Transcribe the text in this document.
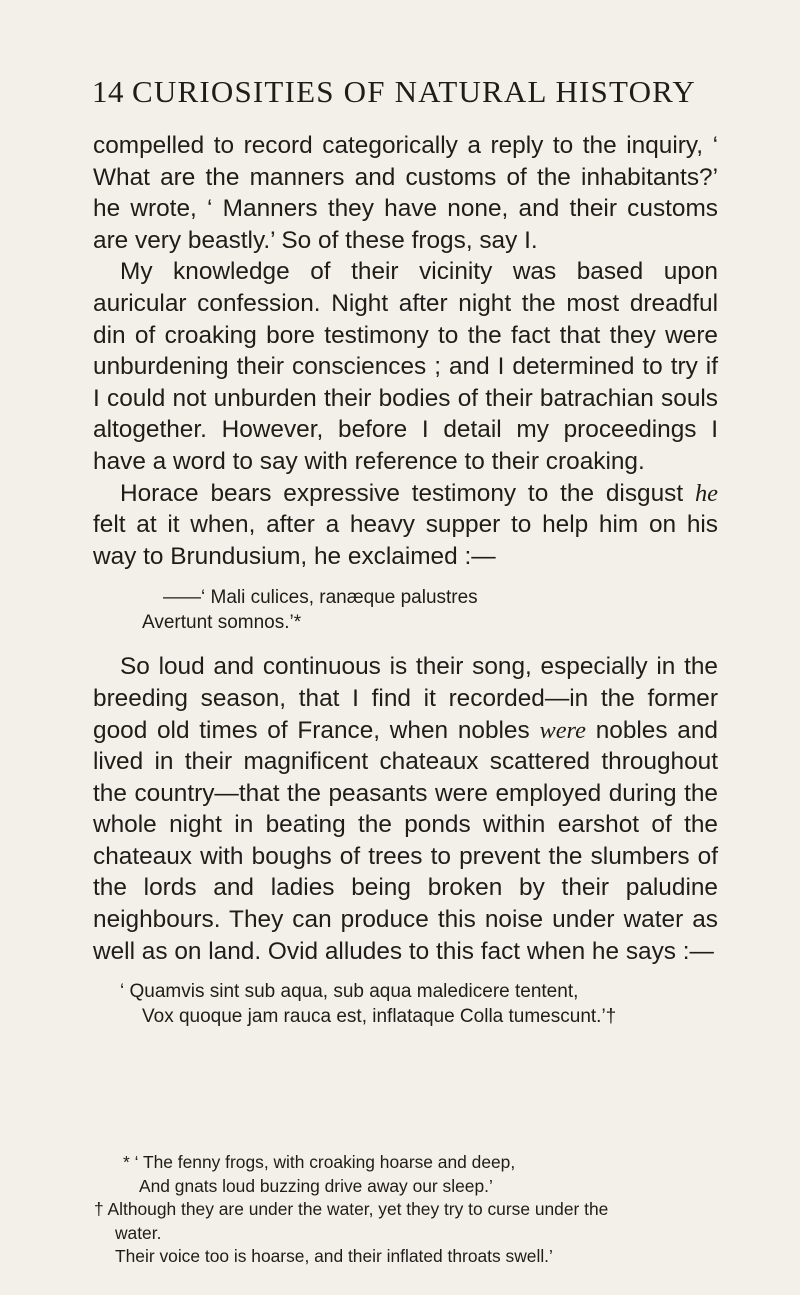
14 CURIOSITIES OF NATURAL HISTORY

compelled to record categorically a reply to the inquiry, ‘ What are the manners and customs of the inhabitants?’ he wrote, ‘ Manners they have none, and their customs are very beastly.’ So of these frogs, say I.

My knowledge of their vicinity was based upon auricular confession. Night after night the most dreadful din of croaking bore testimony to the fact that they were unburdening their consciences ; and I determined to try if I could not unburden their bodies of their batrachian souls altogether. However, before I detail my proceedings I have a word to say with reference to their croaking.

Horace bears expressive testimony to the disgust he felt at it when, after a heavy supper to help him on his way to Brundusium, he exclaimed :—

——‘ Mali culices, ranæque palustres
Avertunt somnos.’*

So loud and continuous is their song, especially in the breeding season, that I find it recorded—in the former good old times of France, when nobles were nobles and lived in their magnificent chateaux scattered throughout the country—that the peasants were employed during the whole night in beating the ponds within earshot of the chateaux with boughs of trees to prevent the slumbers of the lords and ladies being broken by their paludine neighbours. They can produce this noise under water as well as on land. Ovid alludes to this fact when he says :—

‘ Quamvis sint sub aqua, sub aqua maledicere tentent,
Vox quoque jam rauca est, inflataque Colla tumescunt.’†
* ‘ The fenny frogs, with croaking hoarse and deep,
And gnats loud buzzing drive away our sleep.’
† Although they are under the water, yet they try to curse under the
water.
Their voice too is hoarse, and their inflated throats swell.’
